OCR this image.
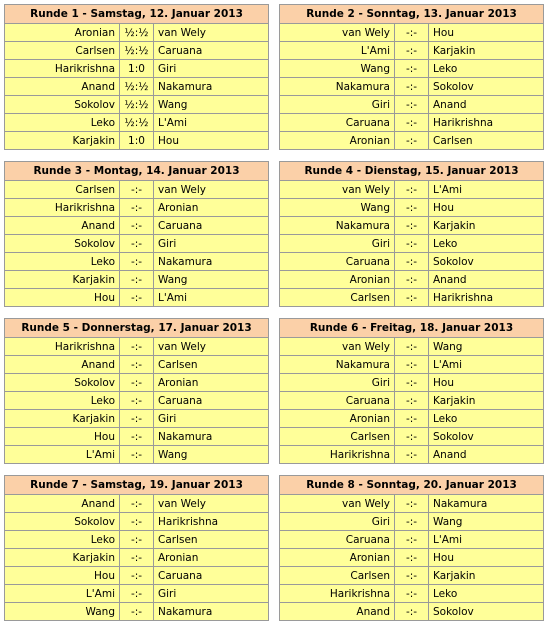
Runde 1 - Samstag, 12. Januar 2013		
Aronian	½:½	van Wely
Carlsen	½:½	Caruana
Harikrishna	1:0	Giri
Anand	½:½	Nakamura
Sokolov	½:½	Wang
Leko	½:½	L'Ami
Karjakin	1:0	Hou
Runde 2 - Sonntag, 13. Januar 2013		
van Wely	-:-	Hou
L'Ami	-:-	Karjakin
Wang	-:-	Leko
Nakamura	-:-	Sokolov
Giri	-:-	Anand
Caruana	-:-	Harikrishna
Aronian	-:-	Carlsen
Runde 3 - Montag, 14. Januar 2013		
Carlsen	-:-	van Wely
Harikrishna	-:-	Aronian
Anand	-:-	Caruana
Sokolov	-:-	Giri
Leko	-:-	Nakamura
Karjakin	-:-	Wang
Hou	-:-	L'Ami
Runde 4 - Dienstag, 15. Januar 2013		
van Wely	-:-	L'Ami
Wang	-:-	Hou
Nakamura	-:-	Karjakin
Giri	-:-	Leko
Caruana	-:-	Sokolov
Aronian	-:-	Anand
Carlsen	-:-	Harikrishna
Runde 5 - Donnerstag, 17. Januar 2013		
Harikrishna	-:-	van Wely
Anand	-:-	Carlsen
Sokolov	-:-	Aronian
Leko	-:-	Caruana
Karjakin	-:-	Giri
Hou	-:-	Nakamura
L'Ami	-:-	Wang
Runde 6 - Freitag, 18. Januar 2013		
van Wely	-:-	Wang
Nakamura	-:-	L'Ami
Giri	-:-	Hou
Caruana	-:-	Karjakin
Aronian	-:-	Leko
Carlsen	-:-	Sokolov
Harikrishna	-:-	Anand
Runde 7 - Samstag, 19. Januar 2013		
Anand	-:-	van Wely
Sokolov	-:-	Harikrishna
Leko	-:-	Carlsen
Karjakin	-:-	Aronian
Hou	-:-	Caruana
L'Ami	-:-	Giri
Wang	-:-	Nakamura
Runde 8 - Sonntag, 20. Januar 2013		
van Wely	-:-	Nakamura
Giri	-:-	Wang
Caruana	-:-	L'Ami
Aronian	-:-	Hou
Carlsen	-:-	Karjakin
Harikrishna	-:-	Leko
Anand	-:-	Sokolov
